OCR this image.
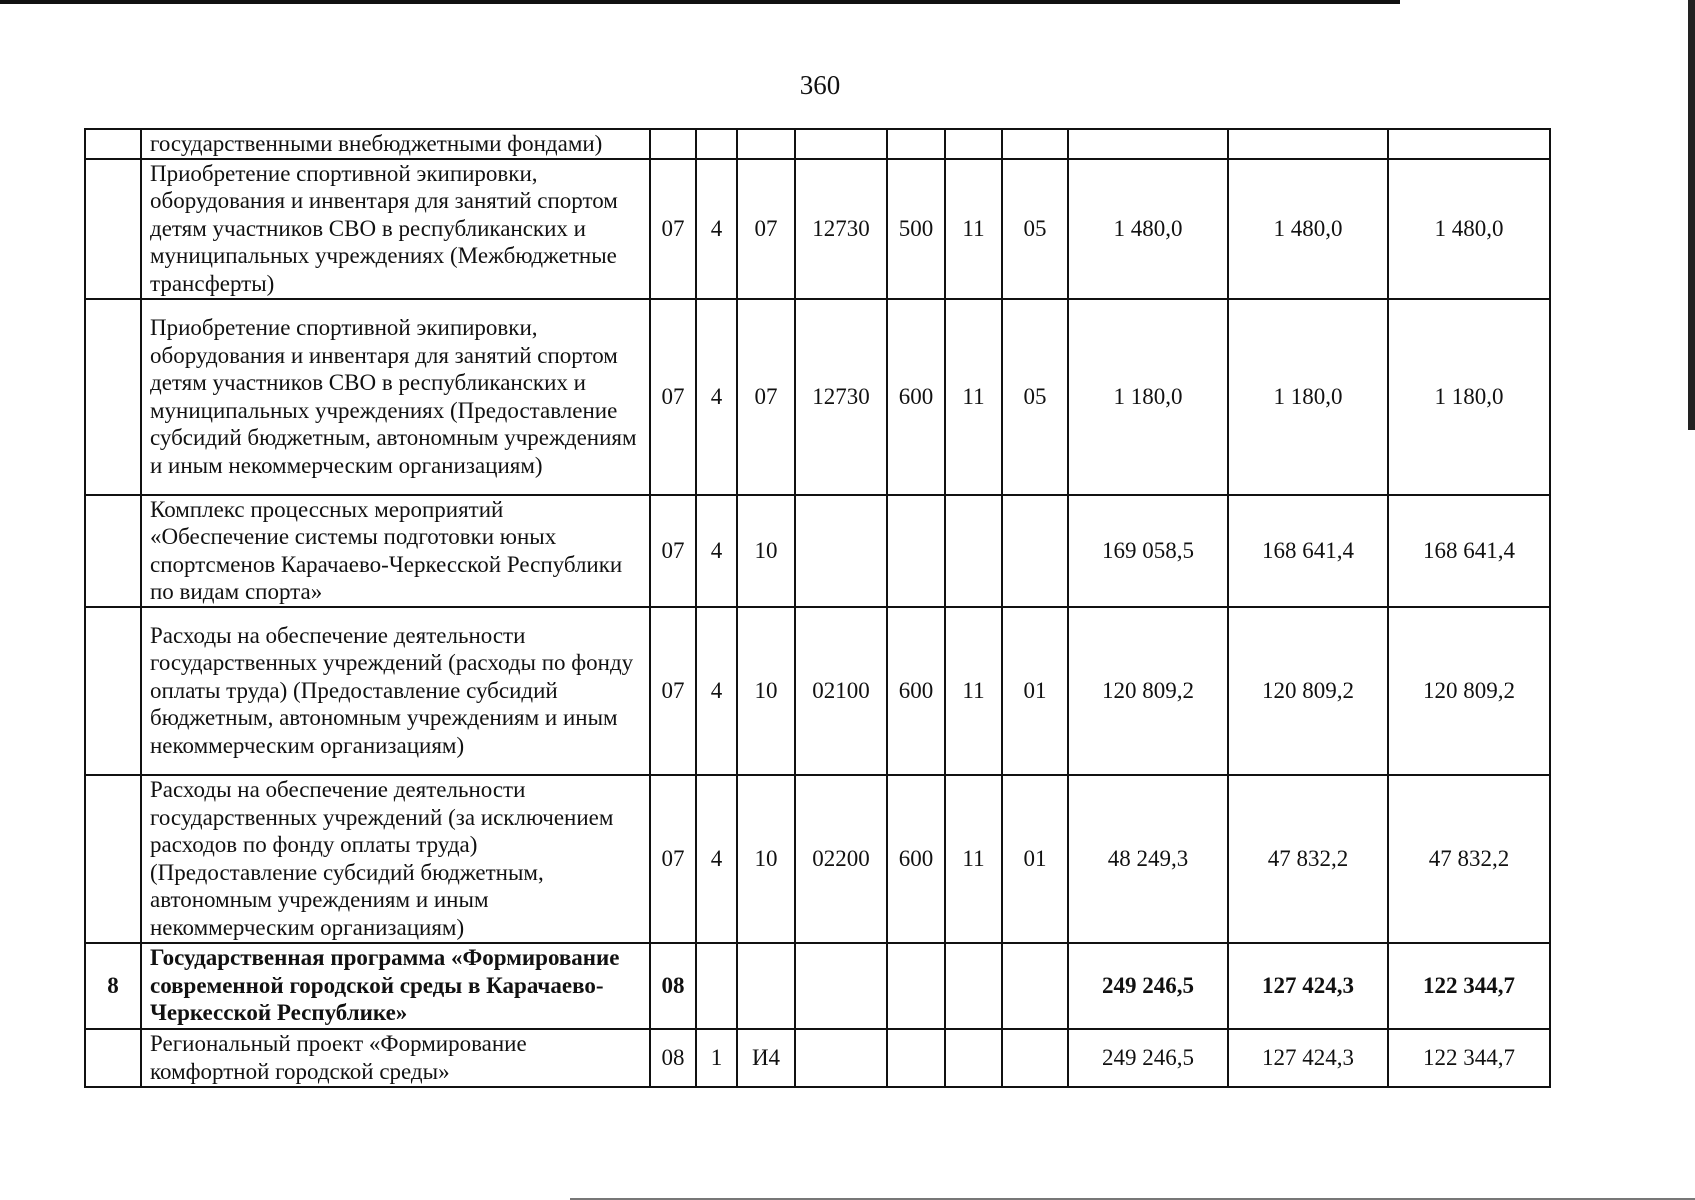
360
	государственными внебюджетными фондами)										
	Приобретение спортивной экипировки, оборудования и инвентаря для занятий спортом детям участников СВО в республиканских и муниципальных учреждениях (Межбюджетные трансферты)	07	4	07	12730	500	11	05	1 480,0	1 480,0	1 480,0
	Приобретение спортивной экипировки, оборудования и инвентаря для занятий спортом детям участников СВО в республиканских и муниципальных учреждениях (Предоставление субсидий бюджетным, автономным учреждениям и иным некоммерческим организациям)	07	4	07	12730	600	11	05	1 180,0	1 180,0	1 180,0
	Комплекс процессных мероприятий «Обеспечение системы подготовки юных спортсменов Карачаево-Черкесской Республики по видам спорта»	07	4	10					169 058,5	168 641,4	168 641,4
	Расходы на обеспечение деятельности государственных учреждений (расходы по фонду оплаты труда) (Предоставление субсидий бюджетным, автономным учреждениям и иным некоммерческим организациям)	07	4	10	02100	600	11	01	120 809,2	120 809,2	120 809,2
	Расходы на обеспечение деятельности государственных учреждений (за исключением расходов по фонду оплаты труда) (Предоставление субсидий бюджетным, автономным учреждениям и иным некоммерческим организациям)	07	4	10	02200	600	11	01	48 249,3	47 832,2	47 832,2
8	Государственная программа «Формирование современной городской среды в Карачаево-Черкесской Республике»	08							249 246,5	127 424,3	122 344,7
	Региональный проект «Формирование комфортной городской среды»	08	1	И4					249 246,5	127 424,3	122 344,7
